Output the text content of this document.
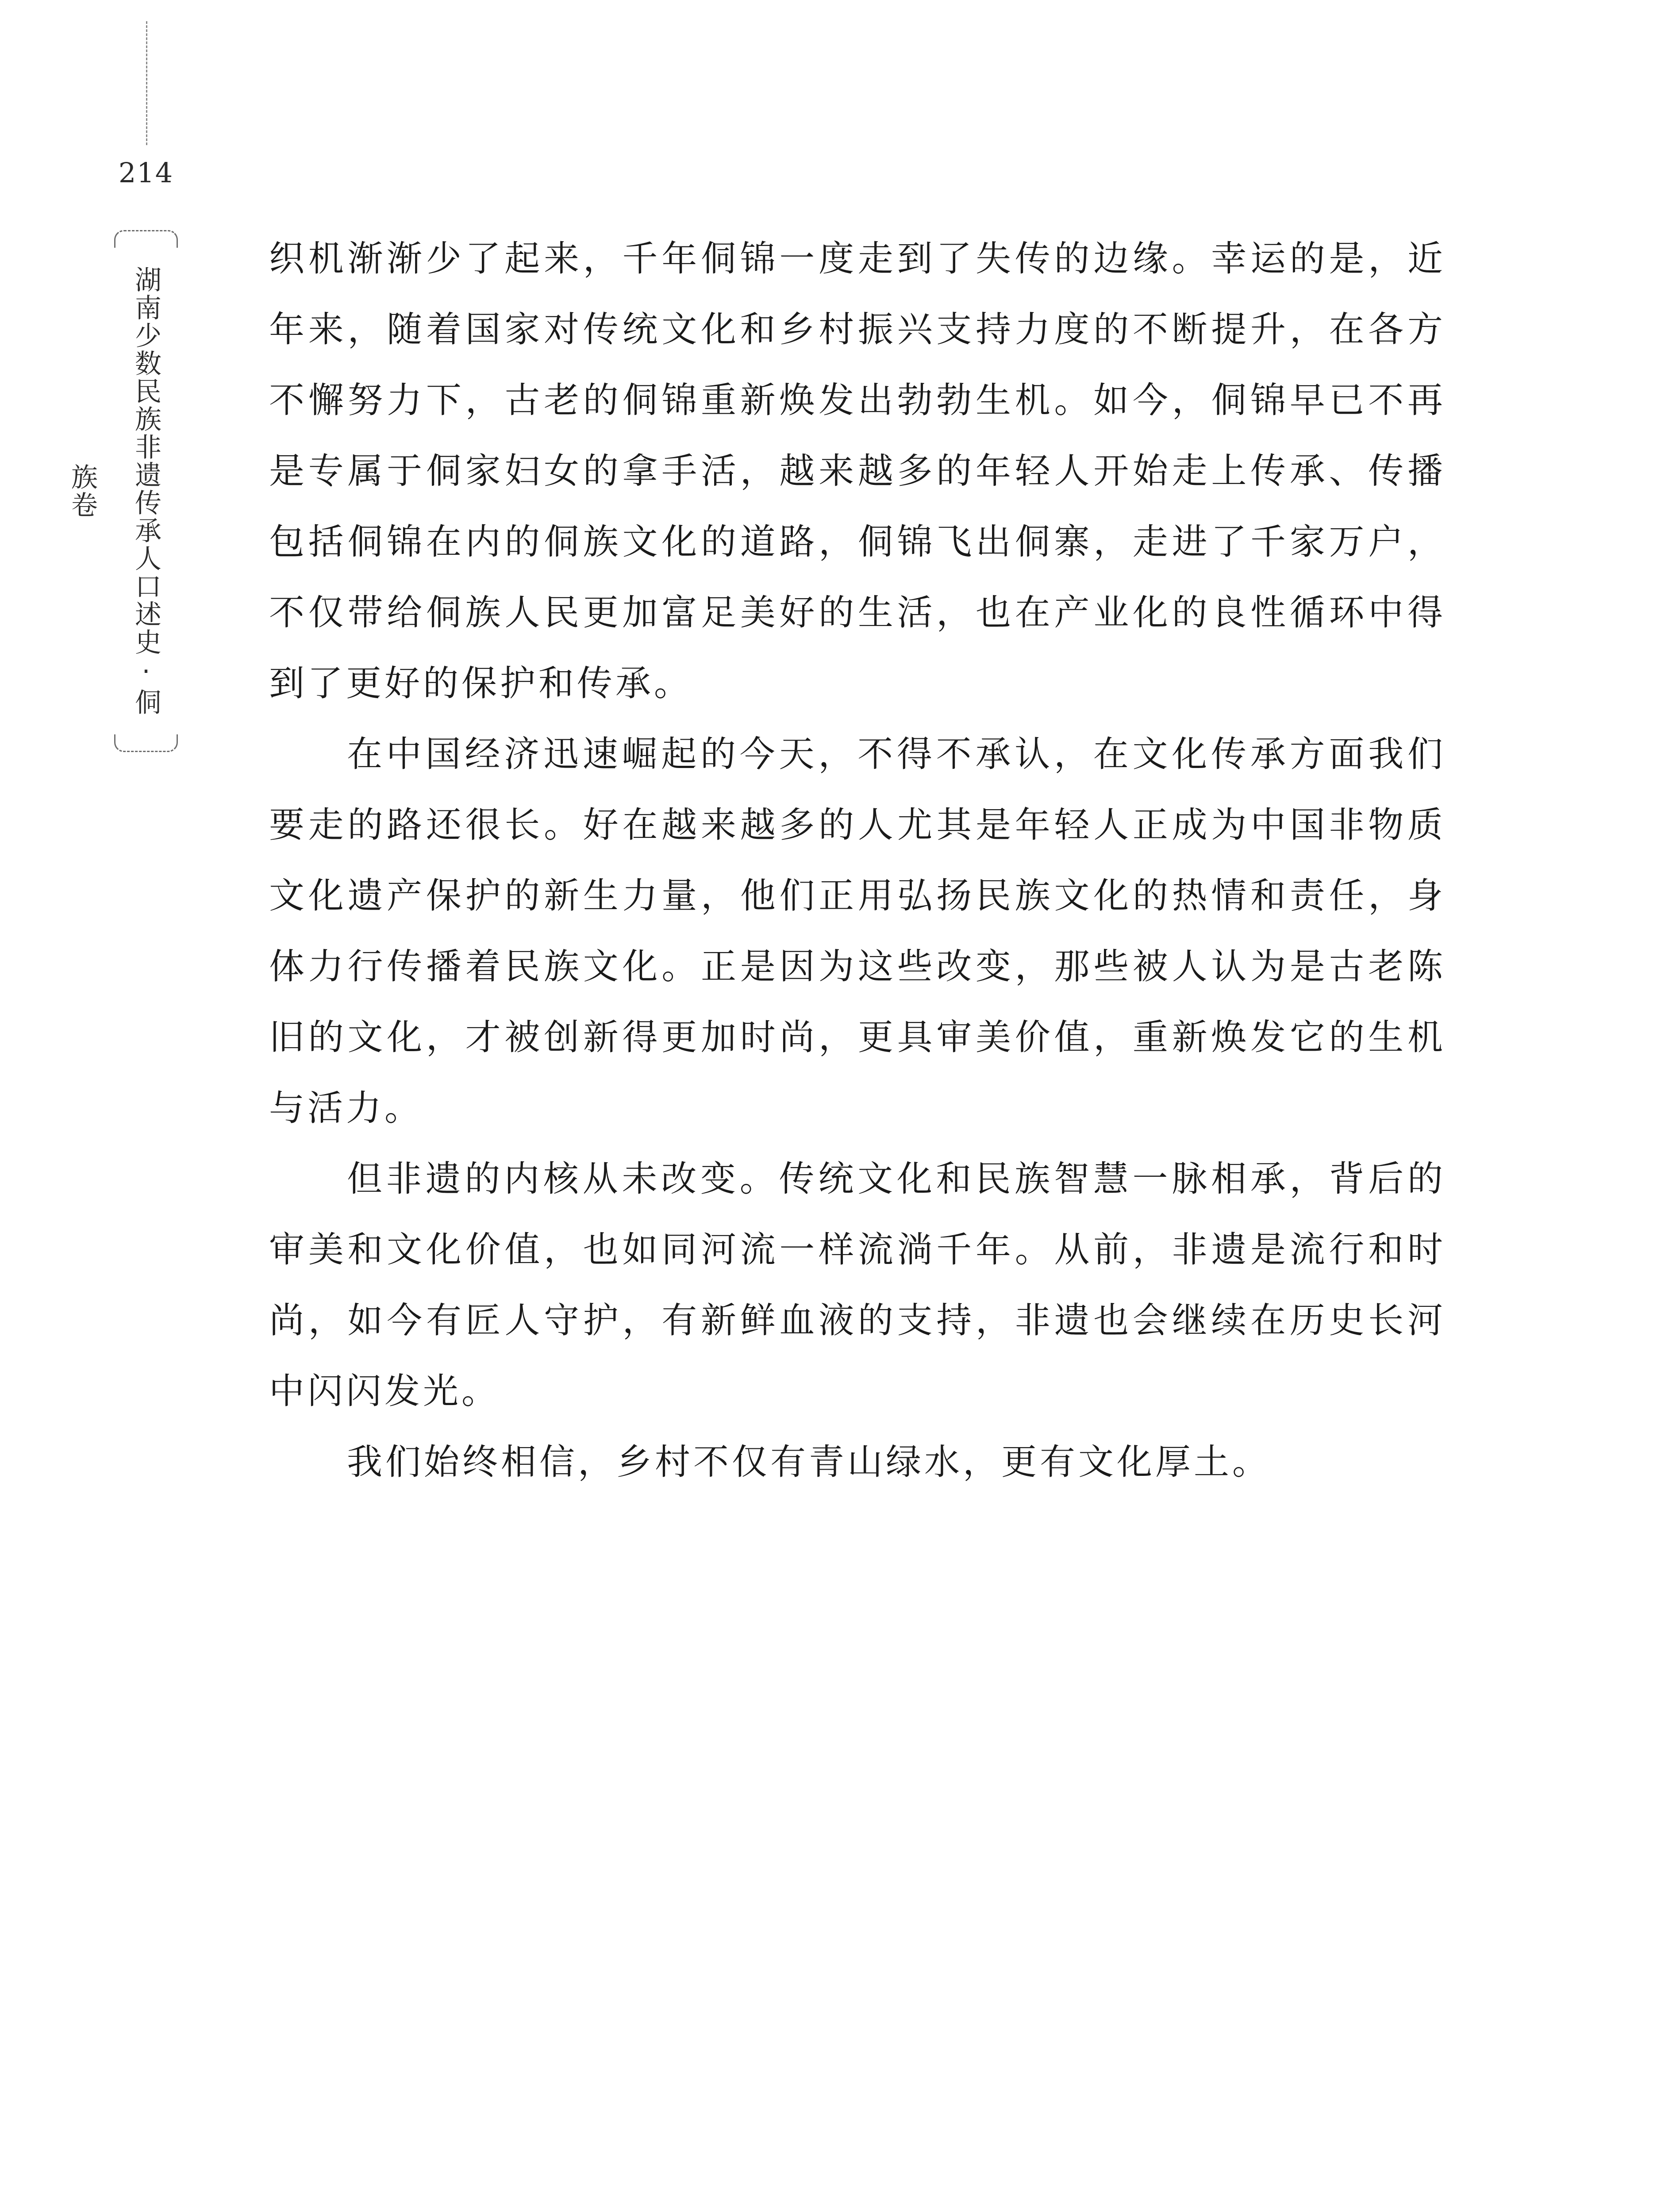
214
湖南少数民族非遗传承人口述史·侗族卷

织机渐渐少了起来，千年侗锦一度走到了失传的边缘。幸运的是，近年来，随着国家对传统文化和乡村振兴支持力度的不断提升，在各方不懈努力下，古老的侗锦重新焕发出勃勃生机。如今，侗锦早已不再是专属于侗家妇女的拿手活，越来越多的年轻人开始走上传承、传播包括侗锦在内的侗族文化的道路，侗锦飞出侗寨，走进了千家万户，不仅带给侗族人民更加富足美好的生活，也在产业化的良性循环中得到了更好的保护和传承。

在中国经济迅速崛起的今天，不得不承认，在文化传承方面我们要走的路还很长。好在越来越多的人尤其是年轻人正成为中国非物质文化遗产保护的新生力量，他们正用弘扬民族文化的热情和责任，身体力行传播着民族文化。正是因为这些改变，那些被人认为是古老陈旧的文化，才被创新得更加时尚，更具审美价值，重新焕发它的生机与活力。

但非遗的内核从未改变。传统文化和民族智慧一脉相承，背后的审美和文化价值，也如同河流一样流淌千年。从前，非遗是流行和时尚，如今有匠人守护，有新鲜血液的支持，非遗也会继续在历史长河中闪闪发光。

我们始终相信，乡村不仅有青山绿水，更有文化厚土。
